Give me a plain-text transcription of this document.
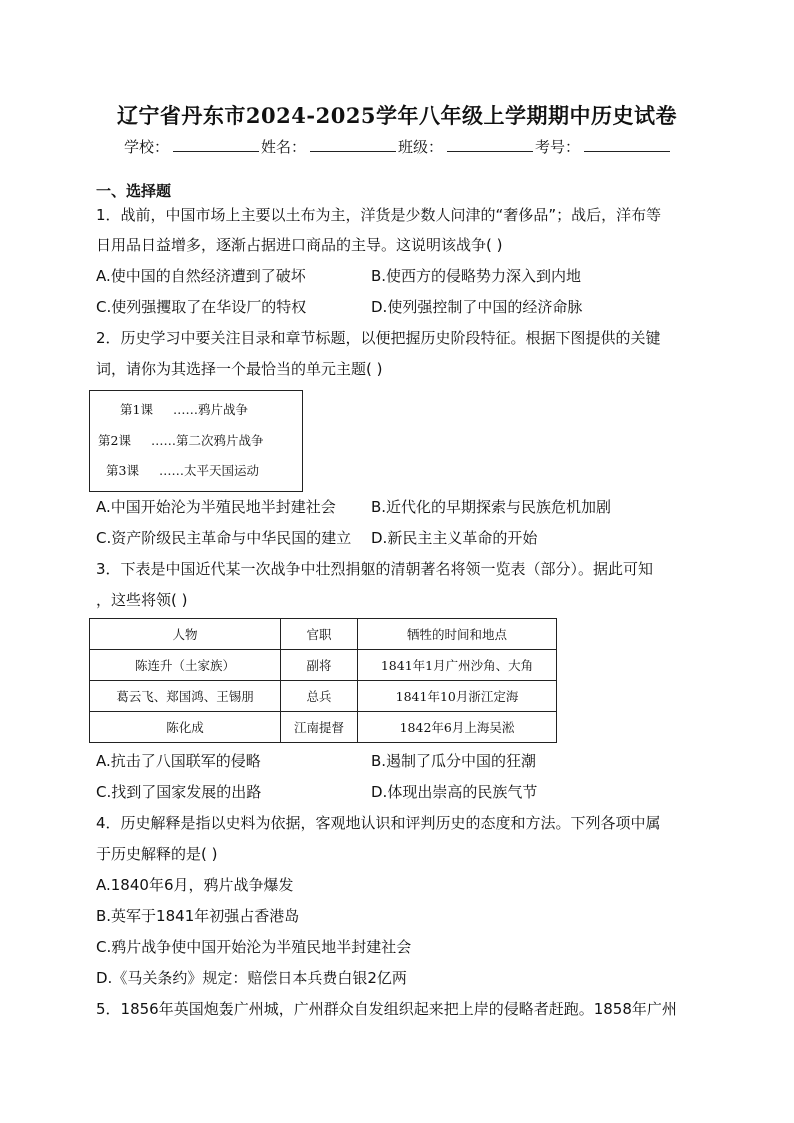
辽宁省丹东市2024-2025学年八年级上学期期中历史试卷
学校：	姓名：	班级：	考号：
一、选择题
1．战前，中国市场上主要以土布为主，洋货是少数人问津的“奢侈品”；战后，洋布等
日用品日益增多，逐渐占据进口商品的主导。这说明该战争( )
A.使中国的自然经济遭到了破坏	B.使西方的侵略势力深入到内地
C.使列强攫取了在华设厂的特权	D.使列强控制了中国的经济命脉
2．历史学习中要关注目录和章节标题，以便把握历史阶段特征。根据下图提供的关键
词，请你为其选择一个最恰当的单元主题( )
第1课 ……鸦片战争
第2课 ……第二次鸦片战争
第3课 ……太平天国运动
A.中国开始沦为半殖民地半封建社会 B.近代化的早期探索与民族危机加剧
C.资产阶级民主革命与中华民国的建立 D.新民主主义革命的开始
3．下表是中国近代某一次战争中壮烈捐躯的清朝著名将领一览表（部分）。据此可知
，这些将领( )
人物	官职	牺牲的时间和地点
陈连升（土家族）	副将	1841年1月广州沙角、大角
葛云飞、郑国鸿、王锡朋	总兵	1841年10月浙江定海
陈化成	江南提督	1842年6月上海吴淞
A.抗击了八国联军的侵略	B.遏制了瓜分中国的狂潮
C.找到了国家发展的出路	D.体现出崇高的民族气节
4．历史解释是指以史料为依据，客观地认识和评判历史的态度和方法。下列各项中属
于历史解释的是( )
A.1840年6月，鸦片战争爆发
B.英军于1841年初强占香港岛
C.鸦片战争使中国开始沦为半殖民地半封建社会
D.《马关条约》规定：赔偿日本兵费白银2亿两
5．1856年英国炮轰广州城，广州群众自发组织起来把上岸的侵略者赶跑。1858年广州
